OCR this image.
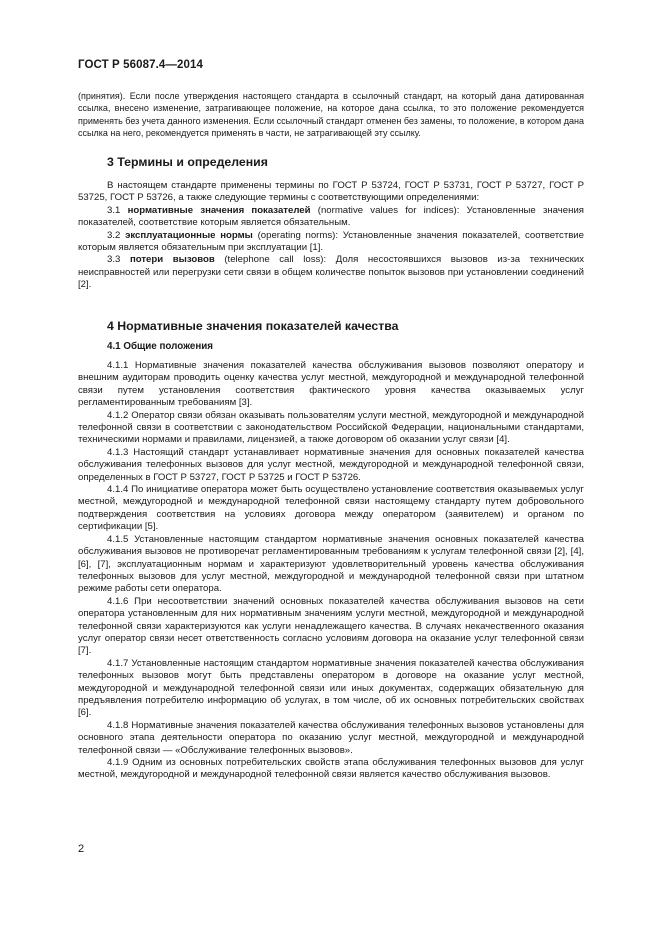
ГОСТ Р 56087.4—2014

(принятия). Если после утверждения настоящего стандарта в ссылочный стандарт, на который дана датированная ссылка, внесено изменение, затрагивающее положение, на которое дана ссылка, то это положение рекомендуется применять без учета данного изменения. Если ссылочный стандарт отменен без замены, то положение, в котором дана ссылка на него, рекомендуется применять в части, не затрагивающей эту ссылку.

3 Термины и определения

В настоящем стандарте применены термины по ГОСТ Р 53724, ГОСТ Р 53731, ГОСТ Р 53727, ГОСТ Р 53725, ГОСТ Р 53726, а также следующие термины с соответствующими определениями:

3.1 нормативные значения показателей (normative values for indices): Установленные значения показателей, соответствие которым является обязательным.

3.2 эксплуатационные нормы (operating norms): Установленные значения показателей, соответствие которым является обязательным при эксплуатации [1].

3.3 потери вызовов (telephone call loss): Доля несостоявшихся вызовов из-за технических неисправностей или перегрузки сети связи в общем количестве попыток вызовов при установлении соединений [2].

4 Нормативные значения показателей качества
4.1 Общие положения

4.1.1 Нормативные значения показателей качества обслуживания вызовов позволяют оператору и внешним аудиторам проводить оценку качества услуг местной, междугородной и международной телефонной связи путем установления соответствия фактического уровня качества оказываемых услуг регламентированным требованиям [3].

4.1.2 Оператор связи обязан оказывать пользователям услуги местной, междугородной и международной телефонной связи в соответствии с законодательством Российской Федерации, национальными стандартами, техническими нормами и правилами, лицензией, а также договором об оказании услуг связи [4].

4.1.3 Настоящий стандарт устанавливает нормативные значения для основных показателей качества обслуживания телефонных вызовов для услуг местной, междугородной и международной телефонной связи, определенных в ГОСТ Р 53727, ГОСТ Р 53725 и ГОСТ Р 53726.

4.1.4 По инициативе оператора может быть осуществлено установление соответствия оказываемых услуг местной, междугородной и международной телефонной связи настоящему стандарту путем добровольного подтверждения соответствия на условиях договора между оператором (заявителем) и органом по сертификации [5].

4.1.5 Установленные настоящим стандартом нормативные значения основных показателей качества обслуживания вызовов не противоречат регламентированным требованиям к услугам телефонной связи [2], [4], [6], [7], эксплуатационным нормам и характеризуют удовлетворительный уровень качества обслуживания телефонных вызовов для услуг местной, междугородной и международной телефонной связи при штатном режиме работы сети оператора.

4.1.6 При несоответствии значений основных показателей качества обслуживания вызовов на сети оператора установленным для них нормативным значениям услуги местной, междугородной и международной телефонной связи характеризуются как услуги ненадлежащего качества. В случаях некачественного оказания услуг оператор связи несет ответственность согласно условиям договора на оказание услуг телефонной связи [7].

4.1.7 Установленные настоящим стандартом нормативные значения показателей качества обслуживания телефонных вызовов могут быть представлены оператором в договоре на оказание услуг местной, междугородной и международной телефонной связи или иных документах, содержащих обязательную для предъявления потребителю информацию об услугах, в том числе, об их основных потребительских свойствах [6].

4.1.8 Нормативные значения показателей качества обслуживания телефонных вызовов установлены для основного этапа деятельности оператора по оказанию услуг местной, междугородной и международной телефонной связи — «Обслуживание телефонных вызовов».

4.1.9 Одним из основных потребительских свойств этапа обслуживания телефонных вызовов для услуг местной, междугородной и международной телефонной связи является качество обслуживания вызовов.

2
